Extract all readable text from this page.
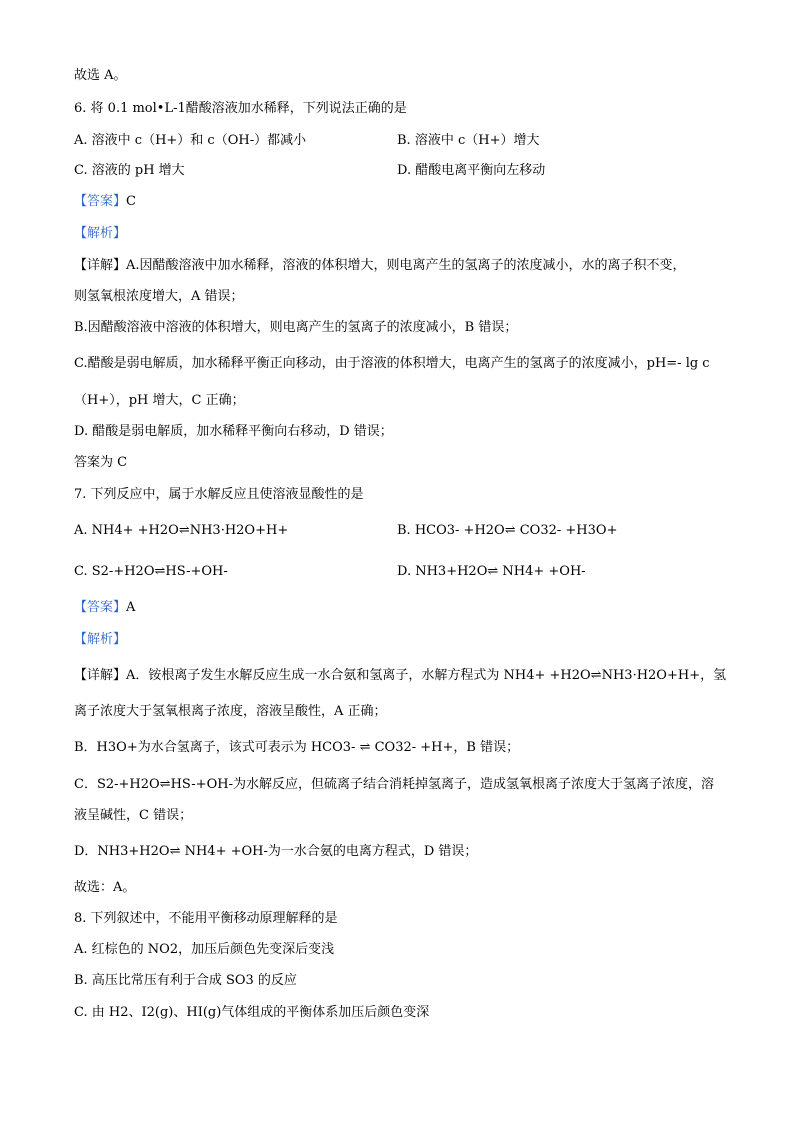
故选 A。
6. 将 0.1 mol•L-1醋酸溶液加水稀释，下列说法正确的是
A. 溶液中 c（H+）和 c（OH-）都减小	B. 溶液中 c（H+）增大
C. 溶液的 pH 增大	D. 醋酸电离平衡向左移动
【答案】C
【解析】
【详解】A.因醋酸溶液中加水稀释，溶液的体积增大，则电离产生的氢离子的浓度减小，水的离子积不变，
则氢氧根浓度增大，A 错误；
B.因醋酸溶液中溶液的体积增大，则电离产生的氢离子的浓度减小，B 错误；
C.醋酸是弱电解质，加水稀释平衡正向移动，由于溶液的体积增大，电离产生的氢离子的浓度减小，pH=- lg c
（H+），pH 增大，C 正确；
D. 醋酸是弱电解质，加水稀释平衡向右移动，D 错误；
答案为 C
7. 下列反应中，属于水解反应且使溶液显酸性的是
A. NH4+ +H2O⇌NH3·H2O+H+	B. HCO3- +H2O⇌ CO32- +H3O+
C. S2-+H2O⇌HS-+OH-	D. NH3+H2O⇌ NH4+ +OH-
【答案】A
【解析】
【详解】A．铵根离子发生水解反应生成一水合氨和氢离子，水解方程式为 NH4+ +H2O⇌NH3·H2O+H+，氢
离子浓度大于氢氧根离子浓度，溶液呈酸性，A 正确；
B．H3O+为水合氢离子，该式可表示为 HCO3- ⇌ CO32- +H+，B 错误；
C．S2-+H2O⇌HS-+OH-为水解反应，但硫离子结合消耗掉氢离子，造成氢氧根离子浓度大于氢离子浓度，溶
液呈碱性，C 错误；
D．NH3+H2O⇌ NH4+ +OH-为一水合氨的电离方程式，D 错误；
故选：A。
8. 下列叙述中，不能用平衡移动原理解释的是
A. 红棕色的 NO2，加压后颜色先变深后变浅
B. 高压比常压有利于合成 SO3 的反应
C. 由 H2、I2(g)、HI(g)气体组成的平衡体系加压后颜色变深
